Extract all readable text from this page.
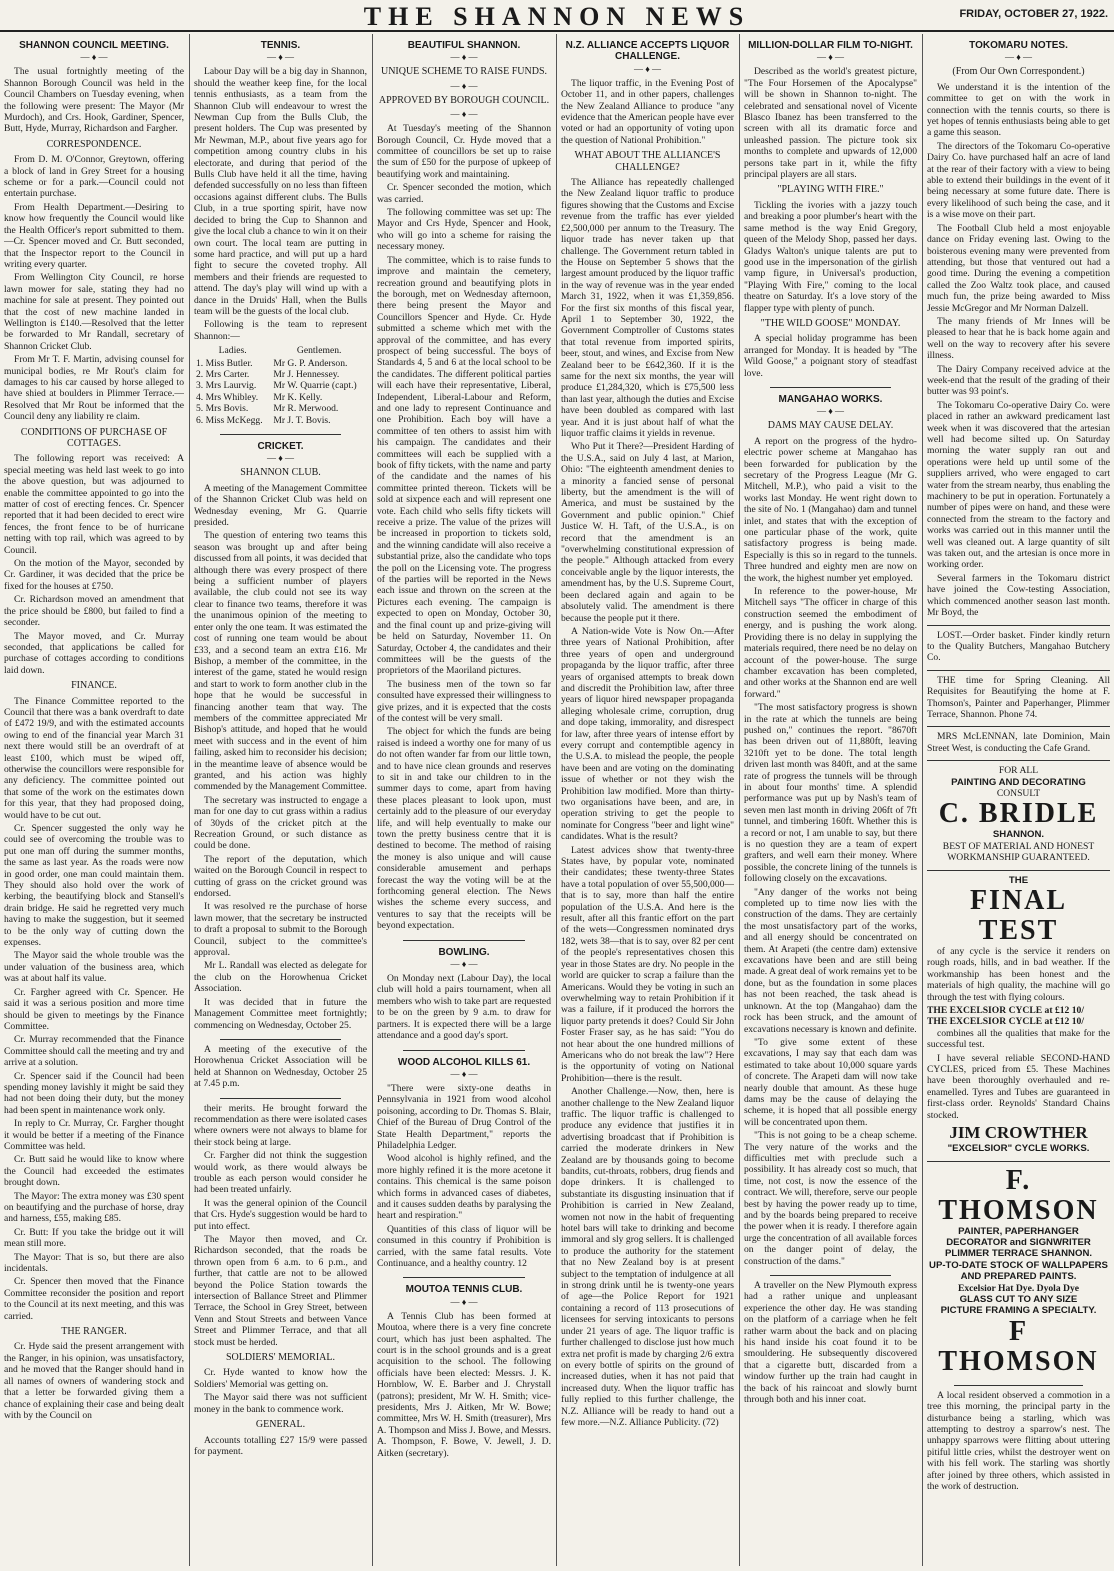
THE SHANNON NEWS	FRIDAY, OCTOBER 27, 1922.
SHANNON COUNCIL MEETING.
— ♦ —

The usual fortnightly meeting of the Shannon Borough Council was held in the Council Chambers on Tuesday evening, when the following were present: The Mayor (Mr Murdoch), and Crs. Hook, Gardiner, Spencer, Butt, Hyde, Murray, Richardson and Fargher.

CORRESPONDENCE.

From D. M. O'Connor, Greytown, offering a block of land in Grey Street for a housing scheme or for a park.—Council could not entertain purchase.

From Health Department.—Desiring to know how frequently the Council would like the Health Officer's report submitted to them.—Cr. Spencer moved and Cr. Butt seconded, that the Inspector report to the Council in writing every quarter.

From Wellington City Council, re horse lawn mower for sale, stating they had no machine for sale at present. They pointed out that the cost of new machine landed in Wellington is £140.—Resolved that the letter be forwarded to Mr Randall, secretary of Shannon Cricket Club.

From Mr T. F. Martin, advising counsel for municipal bodies, re Mr Rout's claim for damages to his car caused by horse alleged to have shied at boulders in Plimmer Terrace.—Resolved that Mr Rout be informed that the Council deny any liability re claim.

CONDITIONS OF PURCHASE OF COTTAGES.

The following report was received: A special meeting was held last week to go into the above question, but was adjourned to enable the committee appointed to go into the matter of cost of erecting fences. Cr. Spencer reported that it had been decided to erect wire fences, the front fence to be of hurricane netting with top rail, which was agreed to by Council.

On the motion of the Mayor, seconded by Cr. Gardiner, it was decided that the price be fixed for the houses at £750.

Cr. Richardson moved an amendment that the price should be £800, but failed to find a seconder.

The Mayor moved, and Cr. Murray seconded, that applications be called for purchase of cottages according to conditions laid down.

FINANCE.

The Finance Committee reported to the Council that there was a bank overdraft to date of £472 19/9, and with the estimated accounts owing to end of the financial year March 31 next there would still be an overdraft of at least £100, which must be wiped off, otherwise the councillors were responsible for any deficiency. The committee pointed out that some of the work on the estimates down for this year, that they had proposed doing, would have to be cut out.

Cr. Spencer suggested the only way he could see of overcoming the trouble was to put one man off during the summer months, the same as last year. As the roads were now in good order, one man could maintain them. They should also hold over the work of kerbing, the beautifying block and Stansell's drain bridge. He said he regretted very much having to make the suggestion, but it seemed to be the only way of cutting down the expenses.

The Mayor said the whole trouble was the under valuation of the business area, which was at about half its value.

Cr. Fargher agreed with Cr. Spencer. He said it was a serious position and more time should be given to meetings by the Finance Committee.

Cr. Murray recommended that the Finance Committee should call the meeting and try and arrive at a solution.

Cr. Spencer said if the Council had been spending money lavishly it might be said they had not been doing their duty, but the money had been spent in maintenance work only.

In reply to Cr. Murray, Cr. Fargher thought it would be better if a meeting of the Finance Committee was held.

Cr. Butt said he would like to know where the Council had exceeded the estimates brought down.

The Mayor: The extra money was £30 spent on beautifying and the purchase of horse, dray and harness, £55, making £85.

Cr. Butt: If you take the bridge out it will mean still more.

The Mayor: That is so, but there are also incidentals.

Cr. Spencer then moved that the Finance Committee reconsider the position and report to the Council at its next meeting, and this was carried.

THE RANGER.

Cr. Hyde said the present arrangement with the Ranger, in his opinion, was unsatisfactory, and he moved that the Ranger should hand in all names of owners of wandering stock and that a letter be forwarded giving them a chance of explaining their case and being dealt with by the Council on

TENNIS.
— ♦ —

Labour Day will be a big day in Shannon, should the weather keep fine, for the local tennis enthusiasts, as a team from the Shannon Club will endeavour to wrest the Newman Cup from the Bulls Club, the present holders. The Cup was presented by Mr Newman, M.P., about five years ago for competition among country clubs in his electorate, and during that period of the Bulls Club have held it all the time, having defended successfully on no less than fifteen occasions against different clubs. The Bulls Club, in a true sporting spirit, have now decided to bring the Cup to Shannon and give the local club a chance to win it on their own court. The local team are putting in some hard practice, and will put up a hard fight to secure the coveted trophy. All members and their friends are requested to attend. The day's play will wind up with a dance in the Druids' Hall, when the Bulls team will be the guests of the local club.

Following is the team to represent Shannon:—

Ladies.	Gentlemen.
1. Miss Butler.	Mr G. P. Anderson.
2. Mrs Carter.	Mr J. Hennessey.
3. Mrs Laurvig.	Mr W. Quarrie (capt.)
4. Mrs Whibley.	Mr K. Kelly.
5. Mrs Bovis.	Mr R. Merwood.
6. Miss McKegg.	Mr J. T. Bovis.
CRICKET.
— ♦ —
SHANNON CLUB.

A meeting of the Management Committee of the Shannon Cricket Club was held on Wednesday evening, Mr G. Quarrie presided.

The question of entering two teams this season was brought up and after being discussed from all points, it was decided that although there was every prospect of there being a sufficient number of players available, the club could not see its way clear to finance two teams, therefore it was the unanimous opinion of the meeting to enter only the one team. It was estimated the cost of running one team would be about £33, and a second team an extra £16. Mr Bishop, a member of the committee, in the interest of the game, stated he would resign and start to work to form another club in the hope that he would be successful in financing another team that way. The members of the committee appreciated Mr Bishop's attitude, and hoped that he would meet with success and in the event of him failing, asked him to reconsider his decision; in the meantime leave of absence would be granted, and his action was highly commended by the Management Committee.

The secretary was instructed to engage a man for one day to cut grass within a radius of 30yds of the cricket pitch at the Recreation Ground, or such distance as could be done.

The report of the deputation, which waited on the Borough Council in respect to cutting of grass on the cricket ground was endorsed.

It was resolved re the purchase of horse lawn mower, that the secretary be instructed to draft a proposal to submit to the Borough Council, subject to the committee's approval.

Mr L. Randall was elected as delegate for the club on the Horowhenua Cricket Association.

It was decided that in future the Management Committee meet fortnightly; commencing on Wednesday, October 25.

A meeting of the executive of the Horowhenua Cricket Association will be held at Shannon on Wednesday, October 25 at 7.45 p.m.

their merits. He brought forward the recommendation as there were isolated cases where owners were not always to blame for their stock being at large.

Cr. Fargher did not think the suggestion would work, as there would always be trouble as each person would consider he had been treated unfairly.

It was the general opinion of the Council that Crs. Hyde's suggestion would be hard to put into effect.

The Mayor then moved, and Cr. Richardson seconded, that the roads be thrown open from 6 a.m. to 6 p.m., and further, that cattle are not to be allowed beyond the Police Station towards the intersection of Ballance Street and Plimmer Terrace, the School in Grey Street, between Venn and Stout Streets and between Vance Street and Plimmer Terrace, and that all stock must be herded.

SOLDIERS' MEMORIAL.

Cr. Hyde wanted to know how the Soldiers' Memorial was getting on.

The Mayor said there was not sufficient money in the bank to commence work.

GENERAL.

Accounts totalling £27 15/9 were passed for payment.

BEAUTIFUL SHANNON.
— ♦ —
UNIQUE SCHEME TO RAISE FUNDS.
— ♦ —
APPROVED BY BOROUGH COUNCIL.
— ♦ —

At Tuesday's meeting of the Shannon Borough Council, Cr. Hyde moved that a committee of councillors be set up to raise the sum of £50 for the purpose of upkeep of beautifying work and maintaining.

Cr. Spencer seconded the motion, which was carried.

The following committee was set up: The Mayor and Crs Hyde, Spencer and Hook, who will go into a scheme for raising the necessary money.

The committee, which is to raise funds to improve and maintain the cemetery, recreation ground and beautifying plots in the borough, met on Wednesday afternoon, there being present the Mayor and Councillors Spencer and Hyde. Cr. Hyde submitted a scheme which met with the approval of the committee, and has every prospect of being successful. The boys of Standards 4, 5 and 6 at the local school to be the candidates. The different political parties will each have their representative, Liberal, Independent, Liberal-Labour and Reform, and one lady to represent Continuance and one Prohibition. Each boy will have a committee of ten others to assist him with his campaign. The candidates and their committees will each be supplied with a book of fifty tickets, with the name and party of the candidate and the names of his committee printed thereon. Tickets will be sold at sixpence each and will represent one vote. Each child who sells fifty tickets will receive a prize. The value of the prizes will be increased in proportion to tickets sold, and the winning candidate will also receive a substantial prize, also the candidate who tops the poll on the Licensing vote. The progress of the parties will be reported in the News each issue and thrown on the screen at the Pictures each evening. The campaign is expected to open on Monday, October 30, and the final count up and prize-giving will be held on Saturday, November 11. On Saturday, October 4, the candidates and their committees will be the guests of the proprietors of the Maoriland pictures.

The business men of the town so far consulted have expressed their willingness to give prizes, and it is expected that the costs of the contest will be very small.

The object for which the funds are being raised is indeed a worthy one for many of us do not often wander far from our little town, and to have nice clean grounds and reserves to sit in and take our children to in the summer days to come, apart from having these places pleasant to look upon, must certainly add to the pleasure of our everyday life, and will help eventually to make our town the pretty business centre that it is destined to become. The method of raising the money is also unique and will cause considerable amusement and perhaps forecast the way the voting will be at the forthcoming general election. The News wishes the scheme every success, and ventures to say that the receipts will be beyond expectation.

BOWLING.
— ♦ —

On Monday next (Labour Day), the local club will hold a pairs tournament, when all members who wish to take part are requested to be on the green by 9 a.m. to draw for partners. It is expected there will be a large attendance and a good day's sport.

WOOD ALCOHOL KILLS 61.
— ♦ —

"There were sixty-one deaths in Pennsylvania in 1921 from wood alcohol poisoning, according to Dr. Thomas S. Blair, Chief of the Bureau of Drug Control of the State Health Department," reports the Philadelphia Ledger.

Wood alcohol is highly refined, and the more highly refined it is the more acetone it contains. This chemical is the same poison which forms in advanced cases of diabetes, and it causes sudden deaths by paralysing the heart and respiration."

Quantities of this class of liquor will be consumed in this country if Prohibition is carried, with the same fatal results. Vote Continuance, and a healthy country. 12

MOUTOA TENNIS CLUB.
— ♦ —

A Tennis Club has been formed at Moutoa, where there is a very fine concrete court, which has just been asphalted. The court is in the school grounds and is a great acquisition to the school. The following officials have been elected: Messrs. J. K. Hornblow, W. E. Barber and J. Chrystall (patrons); president, Mr W. H. Smith; vice-presidents, Mrs J. Aitken, Mr W. Bowe; committee, Mrs W. H. Smith (treasurer), Mrs A. Thompson and Miss J. Bowe, and Messrs. A. Thompson, F. Bowe, V. Jewell, J. D. Aitken (secretary).

N.Z. ALLIANCE ACCEPTS LIQUOR CHALLENGE.
— ♦ —

The liquor traffic, in the Evening Post of October 11, and in other papers, challenges the New Zealand Alliance to produce "any evidence that the American people have ever voted or had an opportunity of voting upon the question of National Prohibition."

WHAT ABOUT THE ALLIANCE'S CHALLENGE?

The Alliance has repeatedly challenged the New Zealand liquor traffic to produce figures showing that the Customs and Excise revenue from the traffic has ever yielded £2,500,000 per annum to the Treasury. The liquor trade has never taken up that challenge. The Government return tabled in the House on September 5 shows that the largest amount produced by the liquor traffic in the way of revenue was in the year ended March 31, 1922, when it was £1,359,856. For the first six months of this fiscal year, April 1 to September 30, 1922, the Government Comptroller of Customs states that total revenue from imported spirits, beer, stout, and wines, and Excise from New Zealand beer to be £642,360. If it is the same for the next six months, the year will produce £1,284,320, which is £75,500 less than last year, although the duties and Excise have been doubled as compared with last year. And it is just about half of what the liquor traffic claims it yields in revenue.

Who Put it There?—President Harding of the U.S.A., said on July 4 last, at Marion, Ohio: "The eighteenth amendment denies to a minority a fancied sense of personal liberty, but the amendment is the will of America, and must be sustained by the Government and public opinion." Chief Justice W. H. Taft, of the U.S.A., is on record that the amendment is an "overwhelming constitutional expression of the people." Although attacked from every conceivable angle by the liquor interests, the amendment has, by the U.S. Supreme Court, been declared again and again to be absolutely valid. The amendment is there because the people put it there.

A Nation-wide Vote is Now On.—After three years of National Prohibition, after three years of open and underground propaganda by the liquor traffic, after three years of organised attempts to break down and discredit the Prohibition law, after three years of liquor hired newspaper propaganda alleging wholesale crime, corruption, drug and dope taking, immorality, and disrespect for law, after three years of intense effort by every corrupt and contemptible agency in the U.S.A. to mislead the people, the people have been and are voting on the dominating issue of whether or not they wish the Prohibition law modified. More than thirty-two organisations have been, and are, in operation striving to get the people to nominate for Congress "beer and light wine" candidates. What is the result?

Latest advices show that twenty-three States have, by popular vote, nominated their candidates; these twenty-three States have a total population of over 55,500,000—that is to say, more than half the entire population of the U.S.A. And here is the result, after all this frantic effort on the part of the wets—Congressmen nominated drys 182, wets 38—that is to say, over 82 per cent of the people's representatives chosen this year in those States are dry. No people in the world are quicker to scrap a failure than the Americans. Would they be voting in such an overwhelming way to retain Prohibition if it was a failure, if it produced the horrors the liquor party pretends it does? Could Sir John Foster Fraser say, as he has said: "You do not hear about the one hundred millions of Americans who do not break the law"? Here is the opportunity of voting on National Prohibition—there is the result.

Another Challenge.—Now, then, here is another challenge to the New Zealand liquor traffic. The liquor traffic is challenged to produce any evidence that justifies it in advertising broadcast that if Prohibition is carried the moderate drinkers in New Zealand are by thousands going to become bandits, cut-throats, robbers, drug fiends and dope drinkers. It is challenged to substantiate its disgusting insinuation that if Prohibition is carried in New Zealand, women not now in the habit of frequenting hotel bars will take to drinking and become immoral and sly grog sellers. It is challenged to produce the authority for the statement that no New Zealand boy is at present subject to the temptation of indulgence at all in strong drink until he is twenty-one years of age—the Police Report for 1921 containing a record of 113 prosecutions of licensees for serving intoxicants to persons under 21 years of age. The liquor traffic is further challenged to disclose just how much extra net profit is made by charging 2/6 extra on every bottle of spirits on the ground of increased duties, when it has not paid that increased duty. When the liquor traffic has fully replied to this further challenge, the N.Z. Alliance will be ready to hand out a few more.—N.Z. Alliance Publicity. (72)

MILLION-DOLLAR FILM TO-NIGHT.
— ♦ —

Described as the world's greatest picture, "The Four Horsemen of the Apocalypse" will be shown in Shannon to-night. The celebrated and sensational novel of Vicente Blasco Ibanez has been transferred to the screen with all its dramatic force and unleashed passion. The picture took six months to complete and upwards of 12,000 persons take part in it, while the fifty principal players are all stars.

"PLAYING WITH FIRE."

Tickling the ivories with a jazzy touch and breaking a poor plumber's heart with the same method is the way Enid Gregory, queen of the Melody Shop, passed her days. Gladys Walton's unique talents are put to good use in the impersonation of the girlish vamp figure, in Universal's production, "Playing With Fire," coming to the local theatre on Saturday. It's a love story of the flapper type with plenty of punch.

"THE WILD GOOSE" MONDAY.

A special holiday programme has been arranged for Monday. It is headed by "The Wild Goose," a poignant story of steadfast love.

MANGAHAO WORKS.
— ♦ —
DAMS MAY CAUSE DELAY.

A report on the progress of the hydro-electric power scheme at Mangahao has been forwarded for publication by the secretary of the Progress League (Mr G. Mitchell, M.P.), who paid a visit to the works last Monday. He went right down to the site of No. 1 (Mangahao) dam and tunnel inlet, and states that with the exception of one particular phase of the work, quite satisfactory progress is being made. Especially is this so in regard to the tunnels. Three hundred and eighty men are now on the work, the highest number yet employed.

In reference to the power-house, Mr Mitchell says "The officer in charge of this construction seemed the embodiment of energy, and is pushing the work along. Providing there is no delay in supplying the materials required, there need be no delay on account of the power-house. The surge chamber excavation has been completed, and other works at the Shannon end are well forward."

"The most satisfactory progress is shown in the rate at which the tunnels are being pushed on," continues the report. "8670ft has been driven out of 11,880ft, leaving 3210ft yet to be done. The total length driven last month was 840ft, and at the same rate of progress the tunnels will be through in about four months' time. A splendid performance was put up by Nash's team of seven men last month in driving 206ft of 7ft tunnel, and timbering 160ft. Whether this is a record or not, I am unable to say, but there is no question they are a team of expert grafters, and well earn their money. Where possible, the concrete lining of the tunnels is following closely on the excavations.

"Any danger of the works not being completed up to time now lies with the construction of the dams. They are certainly the most unsatisfactory part of the works, and all energy should be concentrated on them. At Arapeti (the centre dam) extensive excavations have been and are still being made. A great deal of work remains yet to be done, but as the foundation in some places has not been reached, the task ahead is unknown. At the top (Mangahao) dam the rock has been struck, and the amount of excavations necessary is known and definite.

"To give some extent of these excavations, I may say that each dam was estimated to take about 10,000 square yards of concrete. The Arapeti dam will now take nearly double that amount. As these huge dams may be the cause of delaying the scheme, it is hoped that all possible energy will be concentrated upon them.

"This is not going to be a cheap scheme. The very nature of the works and the difficulties met with preclude such a possibility. It has already cost so much, that time, not cost, is now the essence of the contract. We will, therefore, serve our people best by having the power ready up to time, and by the boards being prepared to receive the power when it is ready. I therefore again urge the concentration of all available forces on the danger point of delay, the construction of the dams."

A traveller on the New Plymouth express had a rather unique and unpleasant experience the other day. He was standing on the platform of a carriage when he felt rather warm about the back and on placing his hand inside his coat found it to be smouldering. He subsequently discovered that a cigarette butt, discarded from a window further up the train had caught in the back of his raincoat and slowly burnt through both and his inner coat.

TOKOMARU NOTES.
— ♦ —
(From Our Own Correspondent.)

We understand it is the intention of the committee to get on with the work in connection with the tennis courts, so there is yet hopes of tennis enthusiasts being able to get a game this season.

The directors of the Tokomaru Co-operative Dairy Co. have purchased half an acre of land at the rear of their factory with a view to being able to extend their buildings in the event of it being necessary at some future date. There is every likelihood of such being the case, and it is a wise move on their part.

The Football Club held a most enjoyable dance on Friday evening last. Owing to the boisterous evening many were prevented from attending, but those that ventured out had a good time. During the evening a competition called the Zoo Waltz took place, and caused much fun, the prize being awarded to Miss Jessie McGregor and Mr Norman Dalzell.

The many friends of Mr Innes will be pleased to hear that he is back home again and well on the way to recovery after his severe illness.

The Dairy Company received advice at the week-end that the result of the grading of their butter was 93 point's.

The Tokomaru Co-operative Dairy Co. were placed in rather an awkward predicament last week when it was discovered that the artesian well had become silted up. On Saturday morning the water supply ran out and operations were held up until some of the suppliers arrived, who were engaged to cart water from the stream nearby, thus enabling the machinery to be put in operation. Fortunately a number of pipes were on hand, and these were connected from the stream to the factory and works was carried out in this manner until the well was cleaned out. A large quantity of silt was taken out, and the artesian is once more in working order.

Several farmers in the Tokomaru district have joined the Cow-testing Association, which commenced another season last month. Mr Boyd, the

LOST.—Order basket. Finder kindly return to the Quality Butchers, Mangahao Butchery Co.

THE time for Spring Cleaning. All Requisites for Beautifying the home at F. Thomson's, Painter and Paperhanger, Plimmer Terrace, Shannon. Phone 74.

MRS McLENNAN, late Dominion, Main Street West, is conducting the Cafe Grand.

FOR ALL
PAINTING AND DECORATING
CONSULT
C. BRIDLE
SHANNON.
BEST OF MATERIAL AND HONEST WORKMANSHIP GUARANTEED.
THE
FINAL TEST

of any cycle is the service it renders on rough roads, hills, and in bad weather. If the workmanship has been honest and the materials of high quality, the machine will go through the test with flying colours.

THE EXCELSIOR CYCLE at £12 10/
THE EXCELSIOR CYCLE at £12 10/

combines all the qualities that make for the successful test.

I have several reliable SECOND-HAND CYCLES, priced from £5. These Machines have been thoroughly overhauled and re-enamelled. Tyres and Tubes are guaranteed in first-class order. Reynolds' Standard Chains stocked.

JIM CROWTHER
"EXCELSIOR" CYCLE WORKS.
F. THOMSON
PAINTER, PAPERHANGER DECORATOR and SIGNWRITER
PLIMMER TERRACE SHANNON.
UP-TO-DATE STOCK OF WALLPAPERS AND PREPARED PAINTS.
Excelsior Hat Dye. Dyola Dye
GLASS CUT TO ANY SIZE
PICTURE FRAMING A SPECIALTY.
F THOMSON

A local resident observed a commotion in a tree this morning, the principal party in the disturbance being a starling, which was attempting to destroy a sparrow's nest. The unhappy sparrows were flitting about uttering pitiful little cries, whilst the destroyer went on with his fell work. The starling was shortly after joined by three others, which assisted in the work of destruction.
